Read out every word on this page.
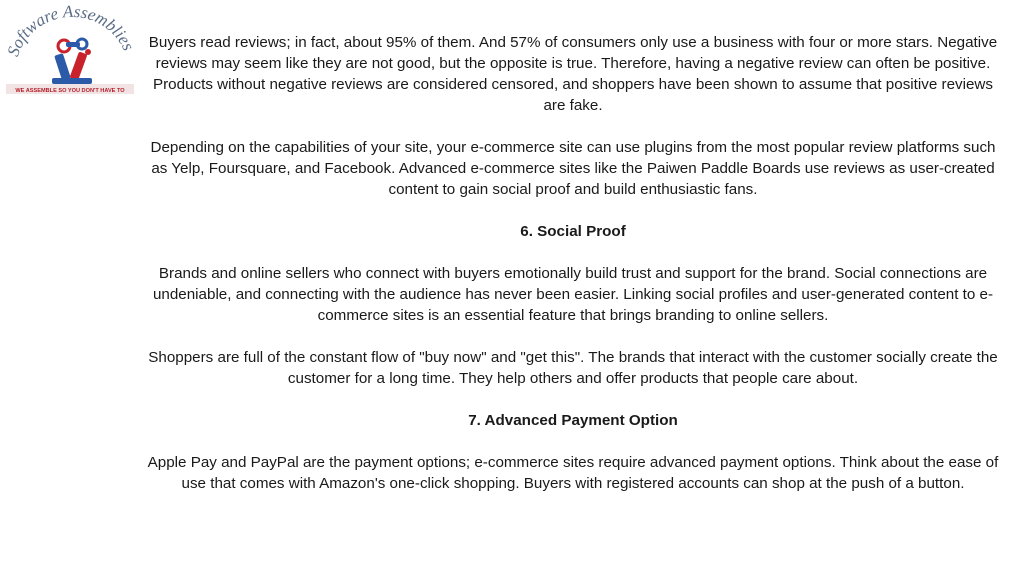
Software Assemblies
WE ASSEMBLE SO YOU DON'T HAVE TO

Buyers read reviews; in fact, about 95% of them. And 57% of consumers only use a business with four or more stars. Negative reviews may seem like they are not good, but the opposite is true. Therefore, having a negative review can often be positive. Products without negative reviews are considered censored, and shoppers have been shown to assume that positive reviews are fake.

Depending on the capabilities of your site, your e-commerce site can use plugins from the most popular review platforms such as Yelp, Foursquare, and Facebook. Advanced e-commerce sites like the Paiwen Paddle Boards use reviews as user-created content to gain social proof and build enthusiastic fans.

6. Social Proof

Brands and online sellers who connect with buyers emotionally build trust and support for the brand. Social connections are undeniable, and connecting with the audience has never been easier. Linking social profiles and user-generated content to e-commerce sites is an essential feature that brings branding to online sellers.

Shoppers are full of the constant flow of "buy now" and "get this". The brands that interact with the customer socially create the customer for a long time. They help others and offer products that people care about.

7. Advanced Payment Option

Apple Pay and PayPal are the payment options; e-commerce sites require advanced payment options. Think about the ease of use that comes with Amazon's one-click shopping. Buyers with registered accounts can shop at the push of a button.
